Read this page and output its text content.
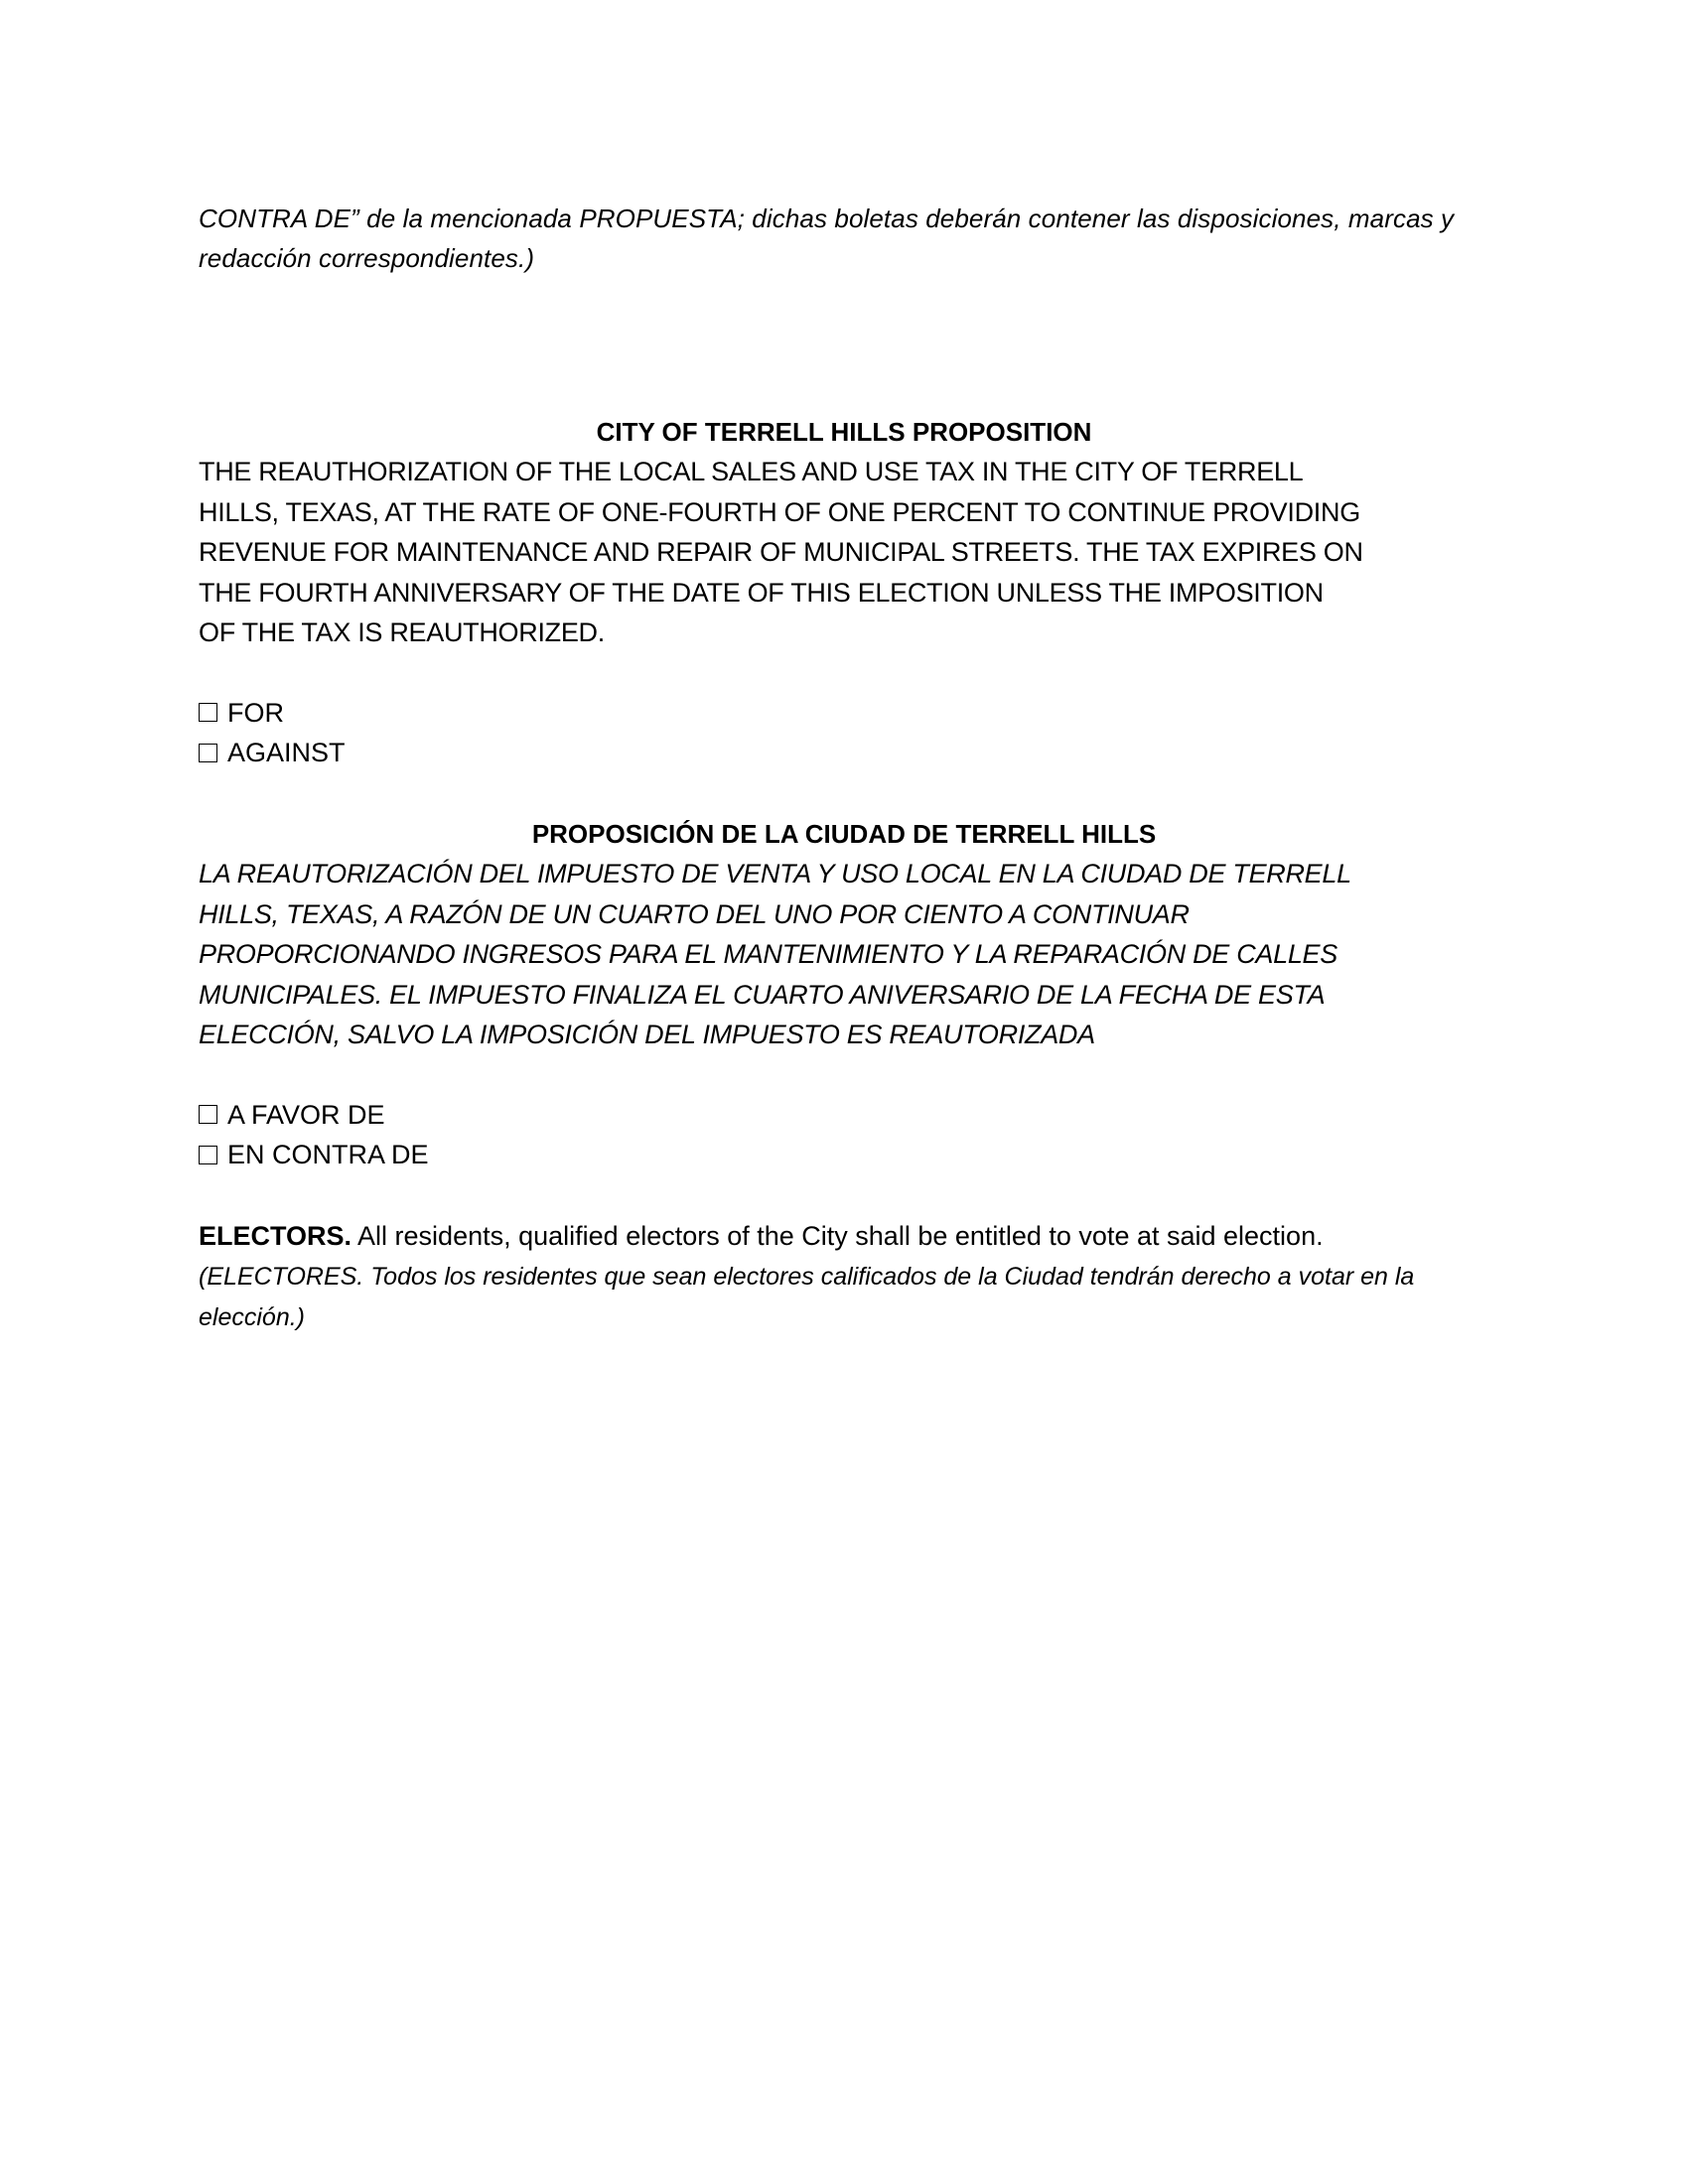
CONTRA DE” de la mencionada PROPUESTA; dichas boletas deberán contener las disposiciones, marcas y redacción correspondientes.)
CITY OF TERRELL HILLS PROPOSITION
THE REAUTHORIZATION OF THE LOCAL SALES AND USE TAX IN THE CITY OF TERRELL
HILLS, TEXAS, AT THE RATE OF ONE-FOURTH OF ONE PERCENT TO CONTINUE PROVIDING
REVENUE FOR MAINTENANCE AND REPAIR OF MUNICIPAL STREETS. THE TAX EXPIRES ON
THE FOURTH ANNIVERSARY OF THE DATE OF THIS ELECTION UNLESS THE IMPOSITION
OF THE TAX IS REAUTHORIZED.
FOR
AGAINST
PROPOSICIÓN DE LA CIUDAD DE TERRELL HILLS
LA REAUTORIZACIÓN DEL IMPUESTO DE VENTA Y USO LOCAL EN LA CIUDAD DE TERRELL
HILLS, TEXAS, A RAZÓN DE UN CUARTO DEL UNO POR CIENTO A CONTINUAR
PROPORCIONANDO INGRESOS PARA EL MANTENIMIENTO Y LA REPARACIÓN DE CALLES
MUNICIPALES. EL IMPUESTO FINALIZA EL CUARTO ANIVERSARIO DE LA FECHA DE ESTA
ELECCIÓN, SALVO LA IMPOSICIÓN DEL IMPUESTO ES REAUTORIZADA
A FAVOR DE
EN CONTRA DE
ELECTORS. All residents, qualified electors of the City shall be entitled to vote at said election. (ELECTORES. Todos los residentes que sean electores calificados de la Ciudad tendrán derecho a votar en la elección.)
